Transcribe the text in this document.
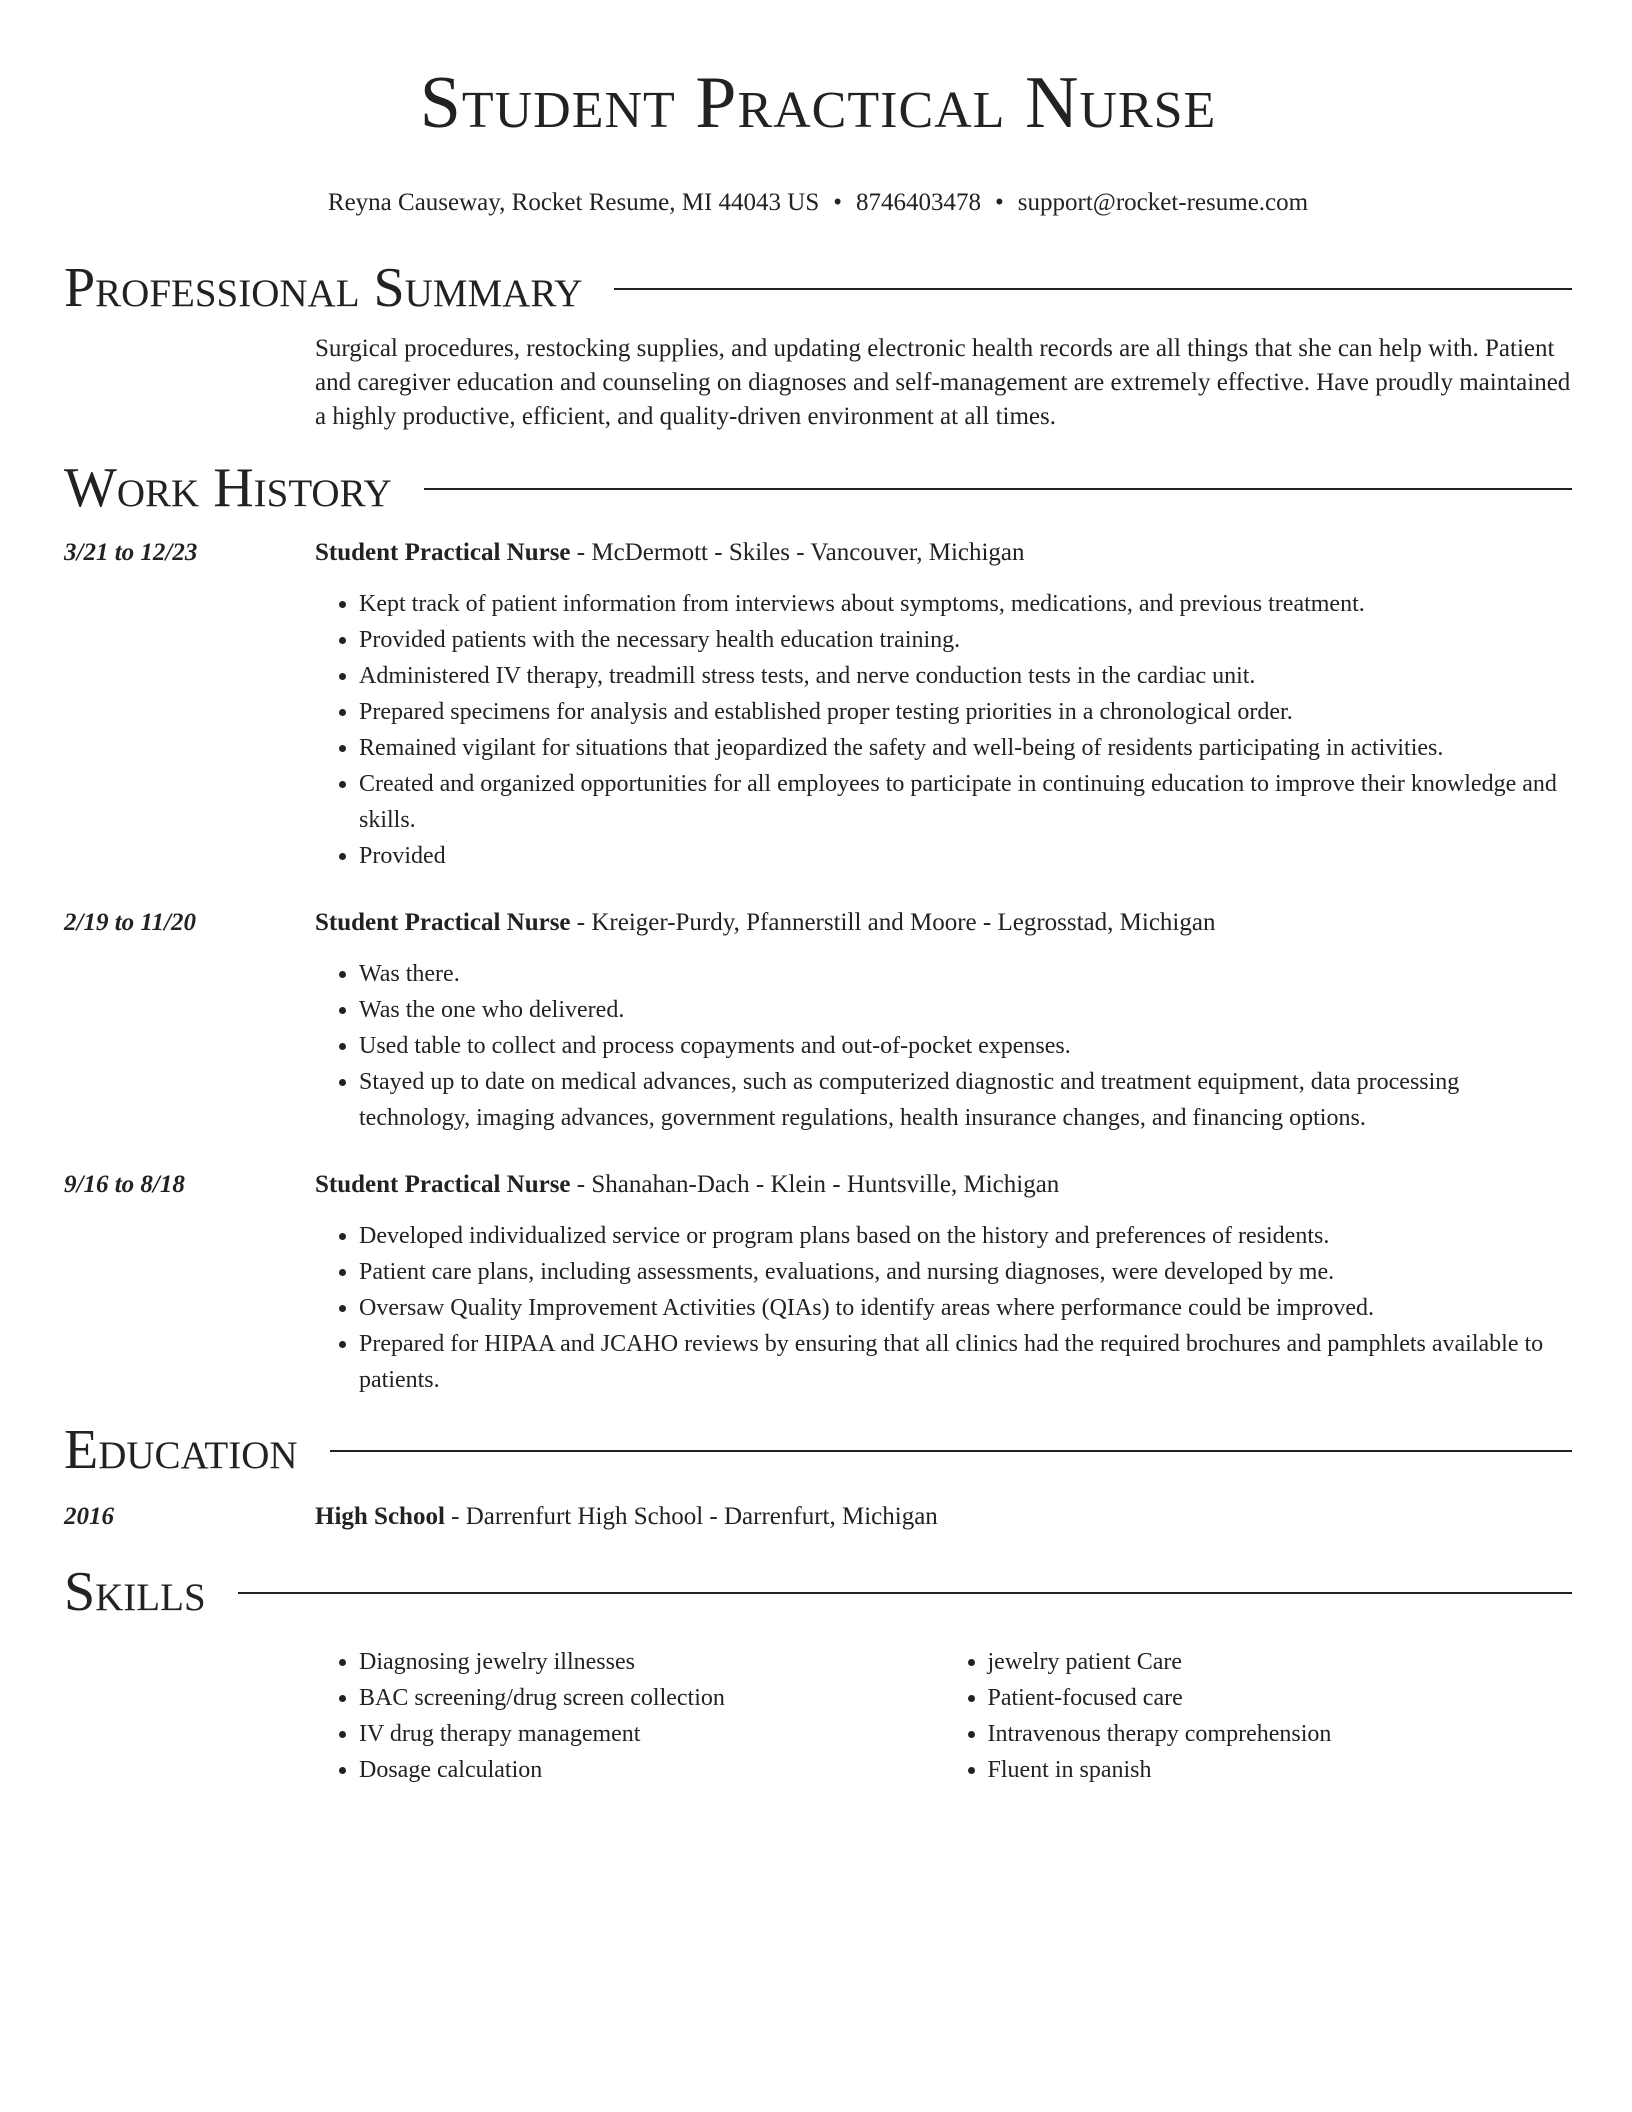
Student Practical Nurse
Reyna Causeway, Rocket Resume, MI 44043 US • 8746403478 • support@rocket-resume.com
Professional Summary
Surgical procedures, restocking supplies, and updating electronic health records are all things that she can help with. Patient and caregiver education and counseling on diagnoses and self-management are extremely effective. Have proudly maintained a highly productive, efficient, and quality-driven environment at all times.
Work History
3/21 to 12/23	Student Practical Nurse - McDermott - Skiles - Vancouver, Michigan
• Kept track of patient information from interviews about symptoms, medications, and previous treatment.
• Provided patients with the necessary health education training.
• Administered IV therapy, treadmill stress tests, and nerve conduction tests in the cardiac unit.
• Prepared specimens for analysis and established proper testing priorities in a chronological order.
• Remained vigilant for situations that jeopardized the safety and well-being of residents participating in activities.
• Created and organized opportunities for all employees to participate in continuing education to improve their knowledge and skills.
• Provided
2/19 to 11/20	Student Practical Nurse - Kreiger-Purdy, Pfannerstill and Moore - Legrosstad, Michigan
• Was there.
• Was the one who delivered.
• Used table to collect and process copayments and out-of-pocket expenses.
• Stayed up to date on medical advances, such as computerized diagnostic and treatment equipment, data processing technology, imaging advances, government regulations, health insurance changes, and financing options.
9/16 to 8/18	Student Practical Nurse - Shanahan-Dach - Klein - Huntsville, Michigan
• Developed individualized service or program plans based on the history and preferences of residents.
• Patient care plans, including assessments, evaluations, and nursing diagnoses, were developed by me.
• Oversaw Quality Improvement Activities (QIAs) to identify areas where performance could be improved.
• Prepared for HIPAA and JCAHO reviews by ensuring that all clinics had the required brochures and pamphlets available to patients.
Education
2016	High School - Darrenfurt High School - Darrenfurt, Michigan
Skills
• Diagnosing jewelry illnesses
• BAC screening/drug screen collection
• IV drug therapy management
• Dosage calculation
• jewelry patient Care
• Patient-focused care
• Intravenous therapy comprehension
• Fluent in spanish
